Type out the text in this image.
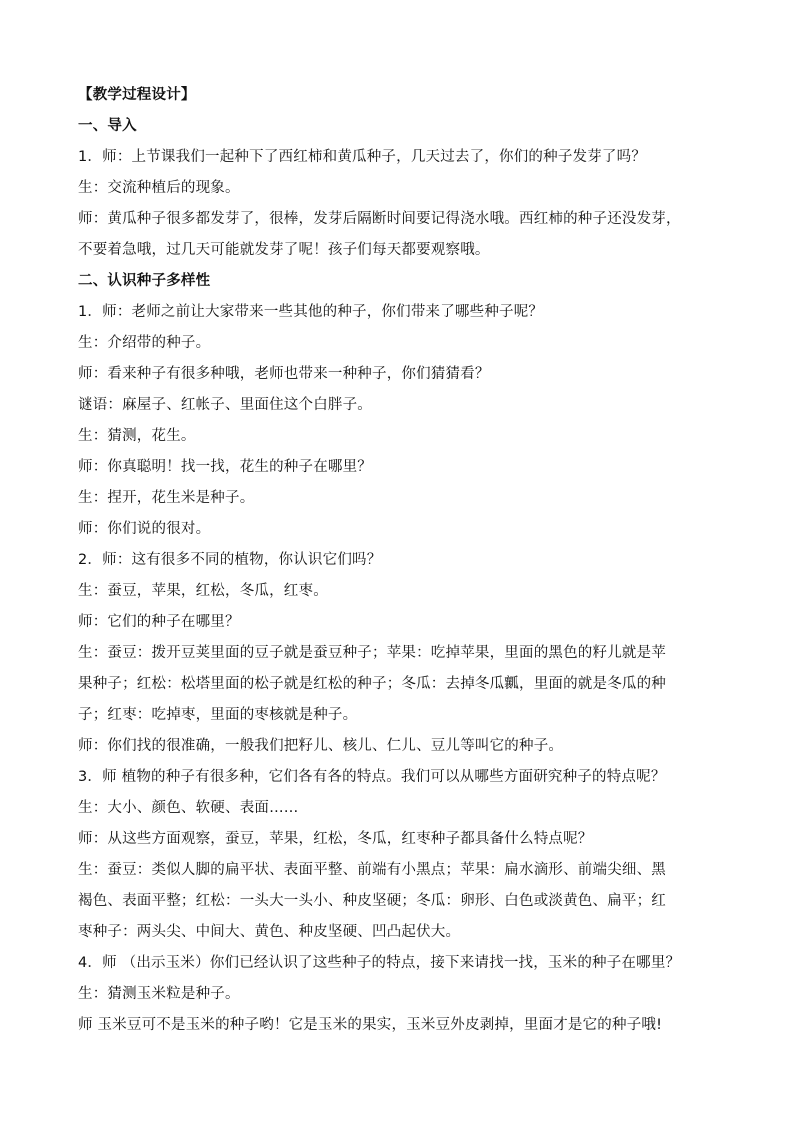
【教学过程设计】
一、导入
1．师：上节课我们一起种下了西红柿和黄瓜种子，几天过去了，你们的种子发芽了吗？
生：交流种植后的现象。
师：黄瓜种子很多都发芽了，很棒，发芽后隔断时间要记得浇水哦。西红柿的种子还没发芽，
不要着急哦，过几天可能就发芽了呢！孩子们每天都要观察哦。
二、认识种子多样性
1．师：老师之前让大家带来一些其他的种子，你们带来了哪些种子呢？
生：介绍带的种子。
师：看来种子有很多种哦，老师也带来一种种子，你们猜猜看？
谜语：麻屋子、红帐子、里面住这个白胖子。
生：猜测，花生。
师：你真聪明！找一找，花生的种子在哪里？
生：捏开，花生米是种子。
师：你们说的很对。
2．师：这有很多不同的植物，你认识它们吗？
生：蚕豆，苹果，红松，冬瓜，红枣。
师：它们的种子在哪里？
生：蚕豆：拨开豆荚里面的豆子就是蚕豆种子；苹果：吃掉苹果，里面的黑色的籽儿就是苹
果种子；红松：松塔里面的松子就是红松的种子；冬瓜：去掉冬瓜瓤，里面的就是冬瓜的种
子；红枣：吃掉枣，里面的枣核就是种子。
师：你们找的很准确，一般我们把籽儿、核儿、仁儿、豆儿等叫它的种子。
3．师 植物的种子有很多种，它们各有各的特点。我们可以从哪些方面研究种子的特点呢？
生：大小、颜色、软硬、表面……
师：从这些方面观察，蚕豆，苹果，红松，冬瓜，红枣种子都具备什么特点呢？
生：蚕豆：类似人脚的扁平状、表面平整、前端有小黑点；苹果：扁水滴形、前端尖细、黑
褐色、表面平整；红松：一头大一头小、种皮坚硬；冬瓜：卵形、白色或淡黄色、扁平；红
枣种子：两头尖、中间大、黄色、种皮坚硬、凹凸起伏大。
4．师 （出示玉米）你们已经认识了这些种子的特点，接下来请找一找，玉米的种子在哪里？
生：猜测玉米粒是种子。
师 玉米豆可不是玉米的种子哟！它是玉米的果实，玉米豆外皮剥掉，里面才是它的种子哦!
